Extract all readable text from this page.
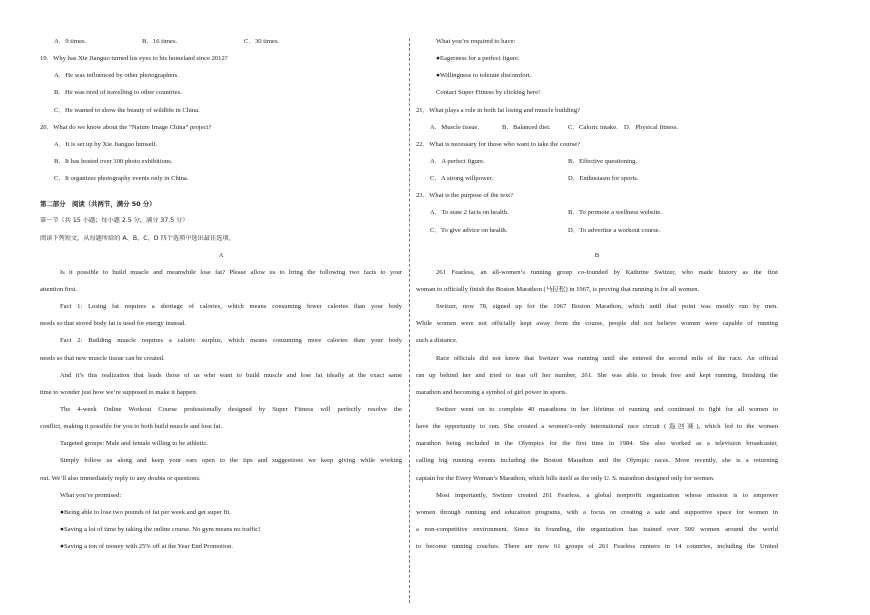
A．9 times.	B．16 times.	C．30 times.
19．Why has Xie Jianguo turned his eyes to his homeland since 2012?
A．He was influenced by other photographers.
B．He was tired of travelling to other countries.
C．He wanted to show the beauty of wildlife in China.
20．What do we know about the “Nature Image China” project?
A．It is set up by Xie Jianguo himself.
B．It has hosted over 100 photo exhibitions.
C．It organizes photography events only in China.
第二部分　阅读（共两节，满分 50 分）
第一节（共 15 小题；每小题 2.5 分，满分 37.5 分）
阅读下列短文，从每题所给的 A、B、C、D 四个选项中选出最佳选项。
A
Is it possible to build muscle and meanwhile lose fat? Please allow us to bring the following two facts to your
attention first.
Fact 1: Losing fat requires a shortage of calories, which means consuming fewer calories than your body
needs so that stored body fat is used for energy instead.
Fact 2: Building muscle requires a caloric surplus, which means consuming more calories than your body
needs so that new muscle tissue can be created.
And it’s this realization that leads those of us who want to build muscle and lose fat ideally at the exact same
time to wonder just how we’re supposed to make it happen.
The 4-week Online Workout Course professionally designed by Super Fitness will perfectly resolve the
conflict, making it possible for you to both build muscle and lose fat.
Targeted groups: Male and female willing to be athletic.
Simply follow us along and keep your ears open to the tips and suggestions we keep giving while working
out. We’ll also immediately reply to any doubts or questions.
What you’re promised:
●Being able to lose two pounds of fat per week and get super fit.
●Saving a lot of time by taking the online course. No gym means no traffic!
●Saving a ton of money with 25% off at the Year End Promotion.
What you’re required to have:
●Eagerness for a perfect figure.
●Willingness to tolerate discomfort.
Contact Super Fitness by clicking here!
21．What plays a role in both fat losing and muscle building?
A．Muscle tissue.	B．Balanced diet.	C．Caloric intake. D．Physical fitness.
22．What is necessary for those who want to take the course?
A．A perfect figure.	B．Effective questioning.
C．A strong willpower.	D．Enthusiasm for sports.
23．What is the purpose of the text?
A．To state 2 facts on health.	B．To promote a wellness website.
C．To give advice on health.	D．To advertise a workout course.
B
261 Fearless, an all-women’s running group co-founded by Kathrine Switzer, who made history as the first
woman to officially finish the Boston Marathon (马拉松) in 1967, is proving that running is for all women.
Switzer, now 78, signed up for the 1967 Boston Marathon, which until that point was mostly run by men.
While women were not officially kept away from the course, people did not believe women were capable of running
such a distance.
Race officials did not know that Switzer was running until she entered the second mile of the race. An official
ran up behind her and tried to tear off her number, 261. She was able to break free and kept running, finishing the
marathon and becoming a symbol of girl power in sports.
Switzer went on to complete 40 marathons in her lifetime of running and continued to fight for all women to
have the opportunity to run. She created a women’s-only international race circuit (巡回赛), which led to the women
marathon being included in the Olympics for the first time in 1984. She also worked as a television broadcaster,
calling big running events including the Boston Marathon and the Olympic races. More recently, she is a returning
captain for the Every Woman’s Marathon, which bills itself as the only U. S. marathon designed only for women.
Most importantly, Switzer created 261 Fearless, a global nonprofit organization whose mission is to empower
women through running and education programs, with a focus on creating a safe and supportive space for women in
a non-competitive environment. Since its founding, the organization has trained over 500 women around the world
to become running coaches. There are now 61 groups of 261 Fearless runners in 14 countries, including the United
